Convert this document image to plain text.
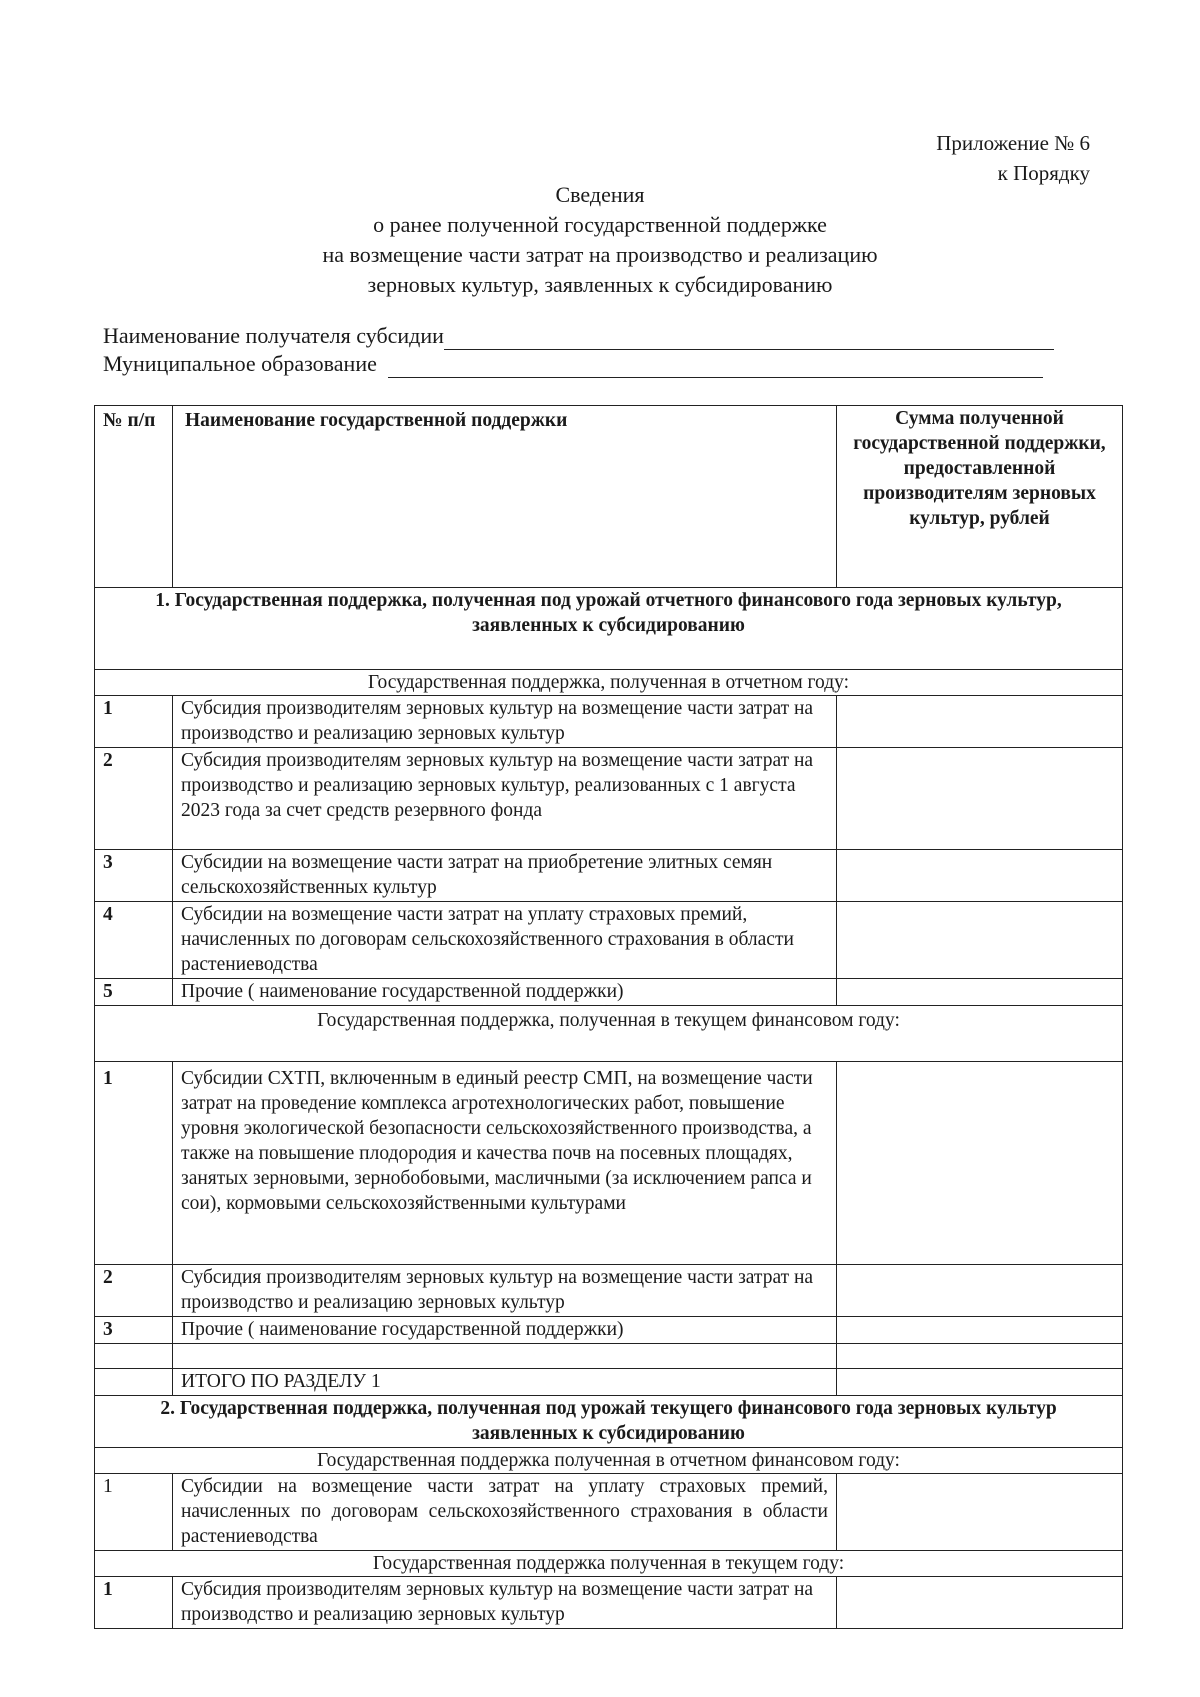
Приложение № 6
к Порядку
Сведения
о ранее полученной государственной поддержке
на возмещение части затрат на производство и реализацию
зерновых культур, заявленных к субсидированию
Наименование получателя субсидии
Муниципальное образование
№ п/п	Наименование государственной поддержки	Сумма полученной государственной поддержки, предоставленной производителям зерновых культур, рублей
1. Государственная поддержка, полученная под урожай отчетного финансового года зерновых культур, заявленных к субсидированию		
Государственная поддержка, полученная в отчетном году:		
1	Субсидия производителям зерновых культур на возмещение части затрат на производство и реализацию зерновых культур	
2	Субсидия производителям зерновых культур на возмещение части затрат на производство и реализацию зерновых культур, реализованных с 1 августа 2023 года за счет средств резервного фонда	
3	Субсидии на возмещение части затрат на приобретение элитных семян сельскохозяйственных культур	
4	Субсидии на возмещение части затрат на уплату страховых премий, начисленных по договорам сельскохозяйственного страхования в области растениеводства	
5	Прочие ( наименование государственной поддержки)	
Государственная поддержка, полученная в текущем финансовом году:		
1	Субсидии СХТП, включенным в единый реестр СМП, на возмещение части затрат на проведение комплекса агротехнологических работ, повышение уровня экологической безопасности сельскохозяйственного производства, а также на повышение плодородия и качества почв на посевных площадях, занятых зерновыми, зернобобовыми, масличными (за исключением рапса и сои), кормовыми сельскохозяйственными культурами	
2	Субсидия производителям зерновых культур на возмещение части затрат на производство и реализацию зерновых культур	
3	Прочие ( наименование государственной поддержки)	

	ИТОГО ПО РАЗДЕЛУ 1	
2. Государственная поддержка, полученная под урожай текущего финансового года зерновых культур заявленных к субсидированию		
Государственная поддержка полученная в отчетном финансовом году:		
1	Субсидии на возмещение части затрат на уплату страховых премий, начисленных по договорам сельскохозяйственного страхования в области растениеводства	
Государственная поддержка полученная в текущем году:		
1	Субсидия производителям зерновых культур на возмещение части затрат на производство и реализацию зерновых культур	
